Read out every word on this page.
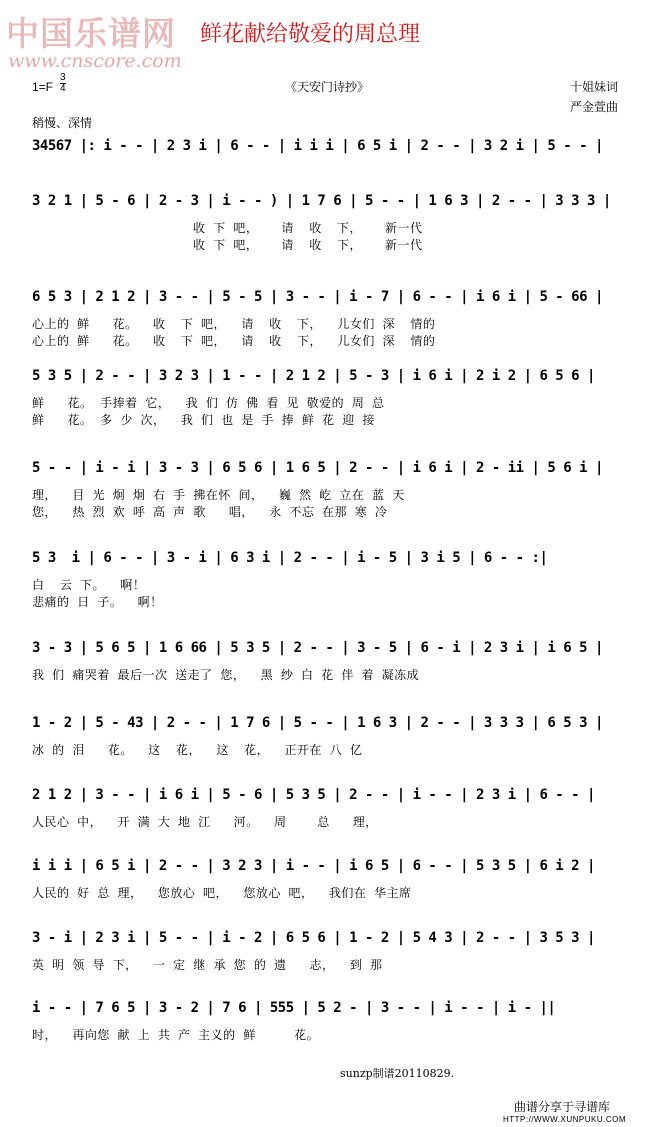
中国乐谱网
www.cnscore.com
鲜花献给敬爱的周总理
1=F
3
4	《天安门诗抄》	十姐妹词
严金萱曲
稍慢、深情
34567 |: i - - | 2 3 i | 6 - - | i i i | 6 5 i | 2 - - | 3 2 i | 5 - - |
3 2 1 | 5 - 6 | 2 - 3 | i - - ) | 1 7 6 | 5 - - | 1 6 3 | 2 - - | 3 3 3 |
收  下  吧，      请    收    下，      新一代
收  下  吧，      请    收    下，      新一代
6 5 3 | 2 1 2 | 3 - - | 5 - 5 | 3 - - | i - 7 | 6 - - | i 6 i | 5 - 66 |
心上的  鲜      花。    收    下  吧，    请    收    下，    儿女们  深    情的
心上的  鲜      花。    收    下  吧，    请    收    下，    儿女们  深    情的
5 3 5 | 2 - - | 3 2 3 | 1 - - | 2 1 2 | 5 - 3 | i 6 i | 2 i 2 | 6 5 6 |
鲜      花。  手捧着  它，    我  们  仿  佛  看  见  敬爱的  周  总
鲜      花。  多  少  次，    我  们  也  是  手  捧  鲜  花  迎  接
5 - - | i - i | 3 - 3 | 6 5 6 | 1 6 5 | 2 - - | i 6 i | 2 - ii | 5 6 i |
理，    目  光  炯  炯  右  手  拂在怀  间，    巍  然  屹  立在  蓝  天
您，    热  烈  欢  呼  高  声  歌      唱，    永  不忘  在那  寒  冷
5 3  i | 6 - - | 3 - i | 6 3 i | 2 - - | i - 5 | 3 i 5 | 6 - - :|
白    云  下。    啊！
悲痛的  日  子。    啊！
3 - 3 | 5 6 5 | 1 6 66 | 5 3 5 | 2 - - | 3 - 5 | 6 - i | 2 3 i | i 6 5 |
我  们  痛哭着  最后一次  送走了  您，    黑  纱  白  花  伴  着  凝冻成
1 - 2 | 5 - 43 | 2 - - | 1 7 6 | 5 - - | 1 6 3 | 2 - - | 3 3 3 | 6 5 3 |
冰  的  泪      花。    这    花，    这    花，    正开在  八  亿
2 1 2 | 3 - - | i 6 i | 5 - 6 | 5 3 5 | 2 - - | i - - | 2 3 i | 6 - - |
人民心  中，    开  满  大  地  江      河。    周        总      理，
i i i | 6 5 i | 2 - - | 3 2 3 | i - - | i 6 5 | 6 - - | 5 3 5 | 6 i 2 |
人民的  好  总  理，    您放心  吧，    您放心  吧，    我们在  华主席
3 - i | 2 3 i | 5 - - | i - 2 | 6 5 6 | 1 - 2 | 5 4 3 | 2 - - | 3 5 3 |
英  明  领  导  下，    一  定  继  承  您  的  遗      志，    到  那
i - - | 7 6 5 | 3 - 2 | 7 6 | 555 | 5 2 - | 3 - - | i - - | i - ||
时，    再向您  献  上  共  产  主义的  鲜          花。
sunzp制谱20110829.
曲谱分享于寻谱库
HTTP://WWW.XUNPUKU.COM
